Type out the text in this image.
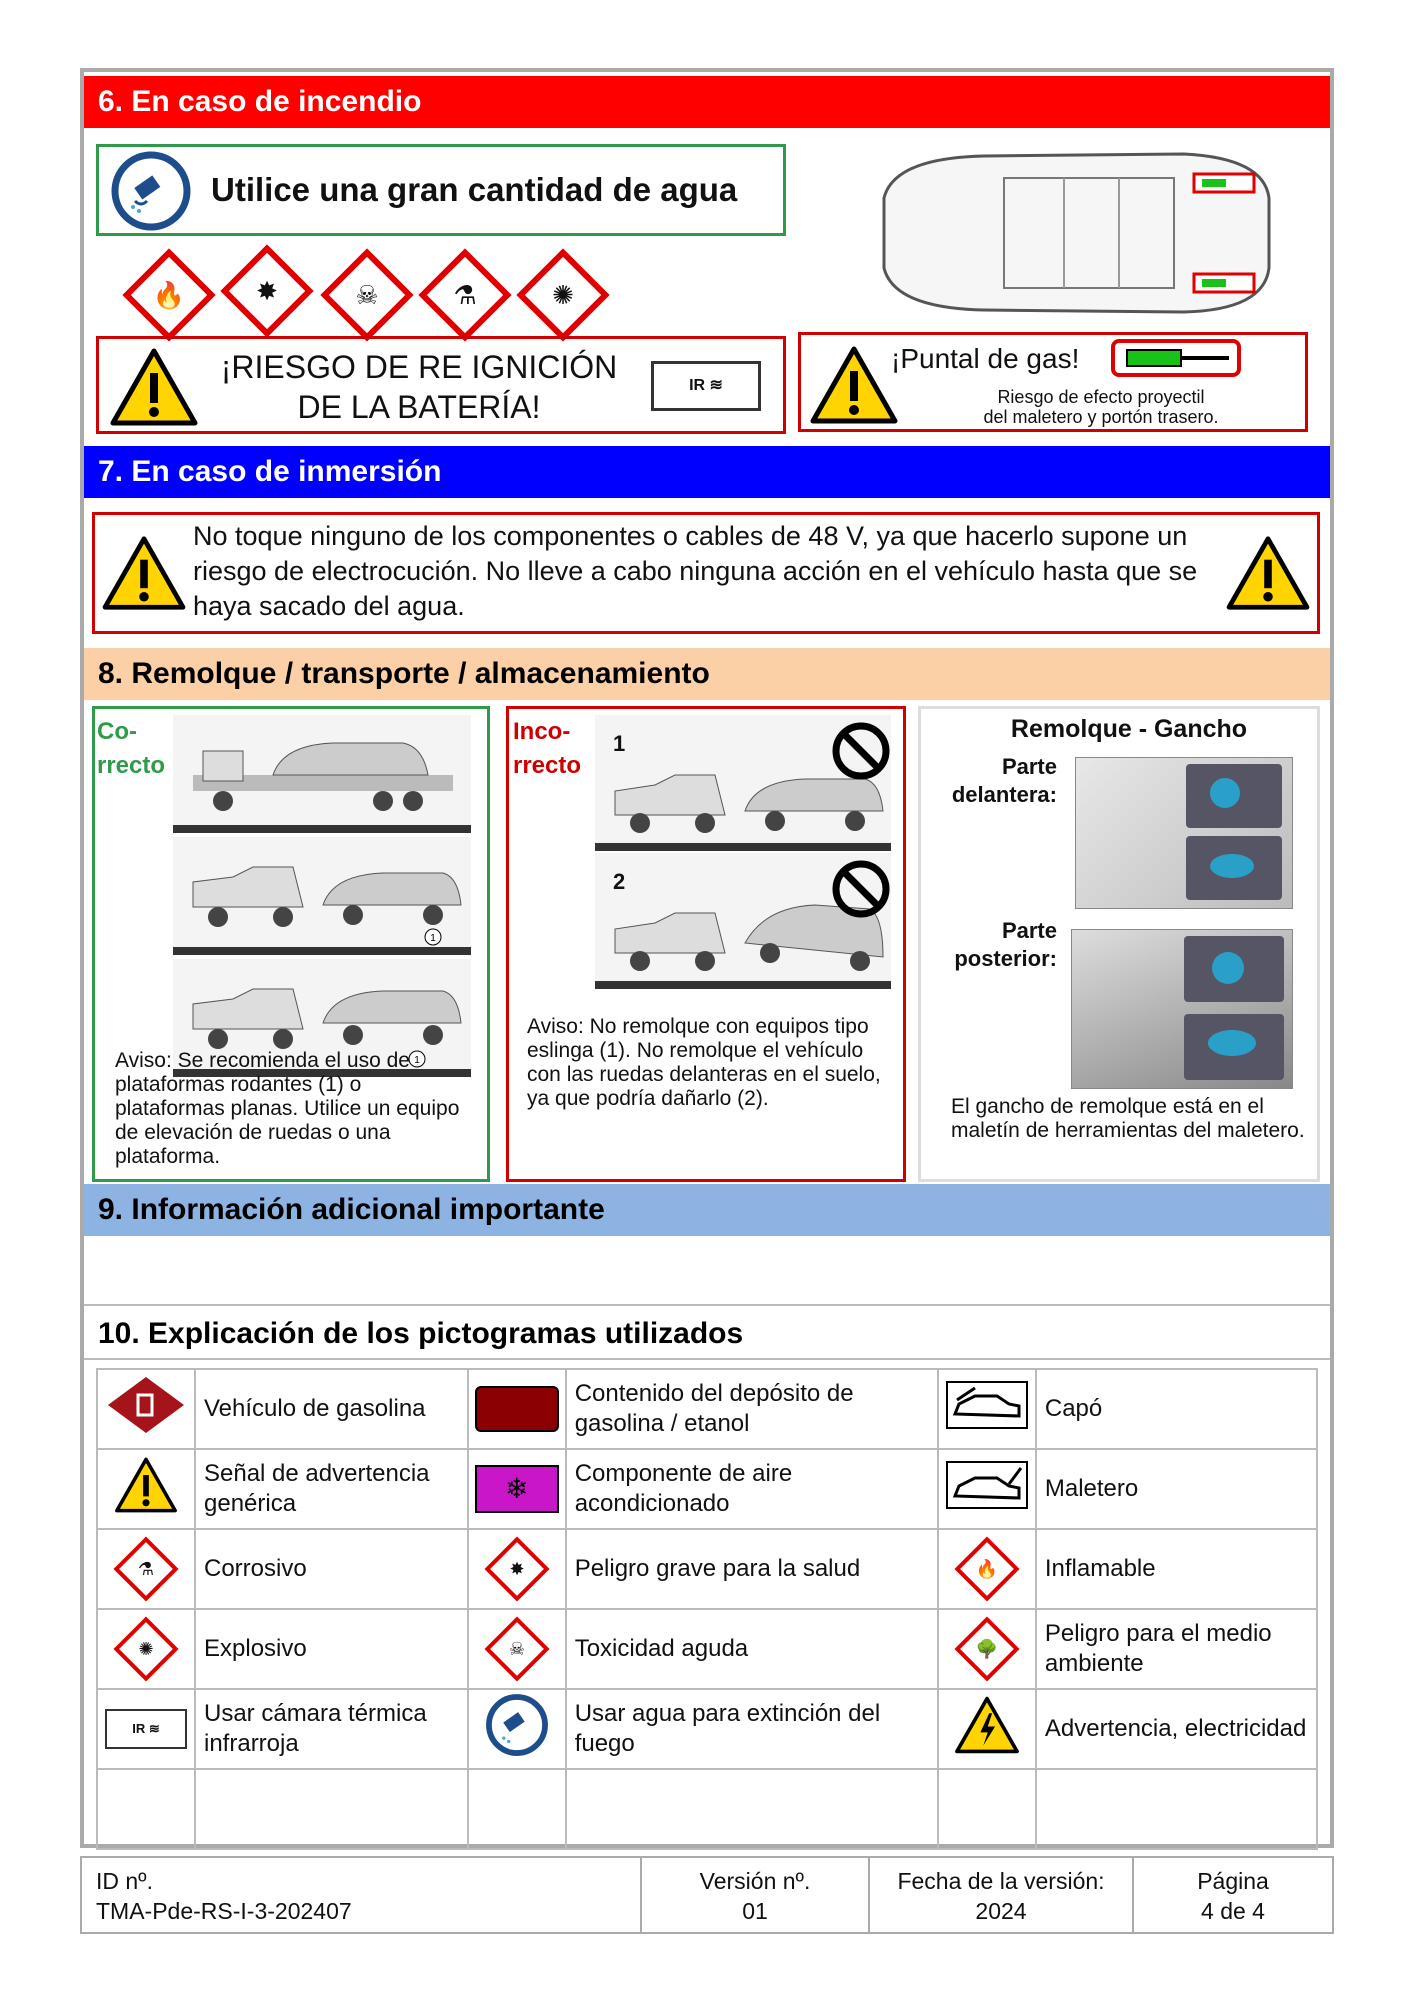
6. En caso de incendio
Utilice una gran cantidad de agua
🔥	✸	☠	⚗	✺
¡RIESGO DE RE IGNICIÓN
DE LA BATERÍA!
IR ≋
¡Puntal de gas!
Riesgo de efecto proyectil
del maletero y portón trasero.
7. En caso de inmersión
No toque ninguno de los componentes o cables de 48 V, ya que hacerlo supone un riesgo de electrocución. No lleve a cabo ninguna acción en el vehículo hasta que se haya sacado del agua.
8. Remolque / transporte / almacenamiento
Co-
rrecto
1
1
Aviso: Se recomienda el uso de plataformas rodantes (1) o plataformas planas. Utilice un equipo de elevación de ruedas o una plataforma.
Inco-
rrecto
1
2
Aviso: No remolque con equipos tipo eslinga (1). No remolque el vehículo con las ruedas delanteras en el suelo, ya que podría dañarlo (2).
Remolque - Gancho
Parte
delantera:
Parte
posterior:
El gancho de remolque está en el maletín de herramientas del maletero.
9. Información adicional importante
10. Explicación de los pictogramas utilizados
	Vehículo de gasolina		Contenido del depósito de gasolina / etanol		Capó
	Señal de advertencia genérica	❄	Componente de aire acondicionado		Maletero

⚗	Corrosivo	✸	Peligro grave para la salud	🔥	Inflamable

✺	Explosivo	☠	Toxicidad aguda	🌳	Peligro para el medio ambiente

IR ≋	Usar cámara térmica infrarroja		Usar agua para extinción del fuego		Advertencia, electricidad

ID nº.
TMA-Pde-RS-I-3-202407
Versión nº.
01
Fecha de la versión:
2024
Página
4 de 4
